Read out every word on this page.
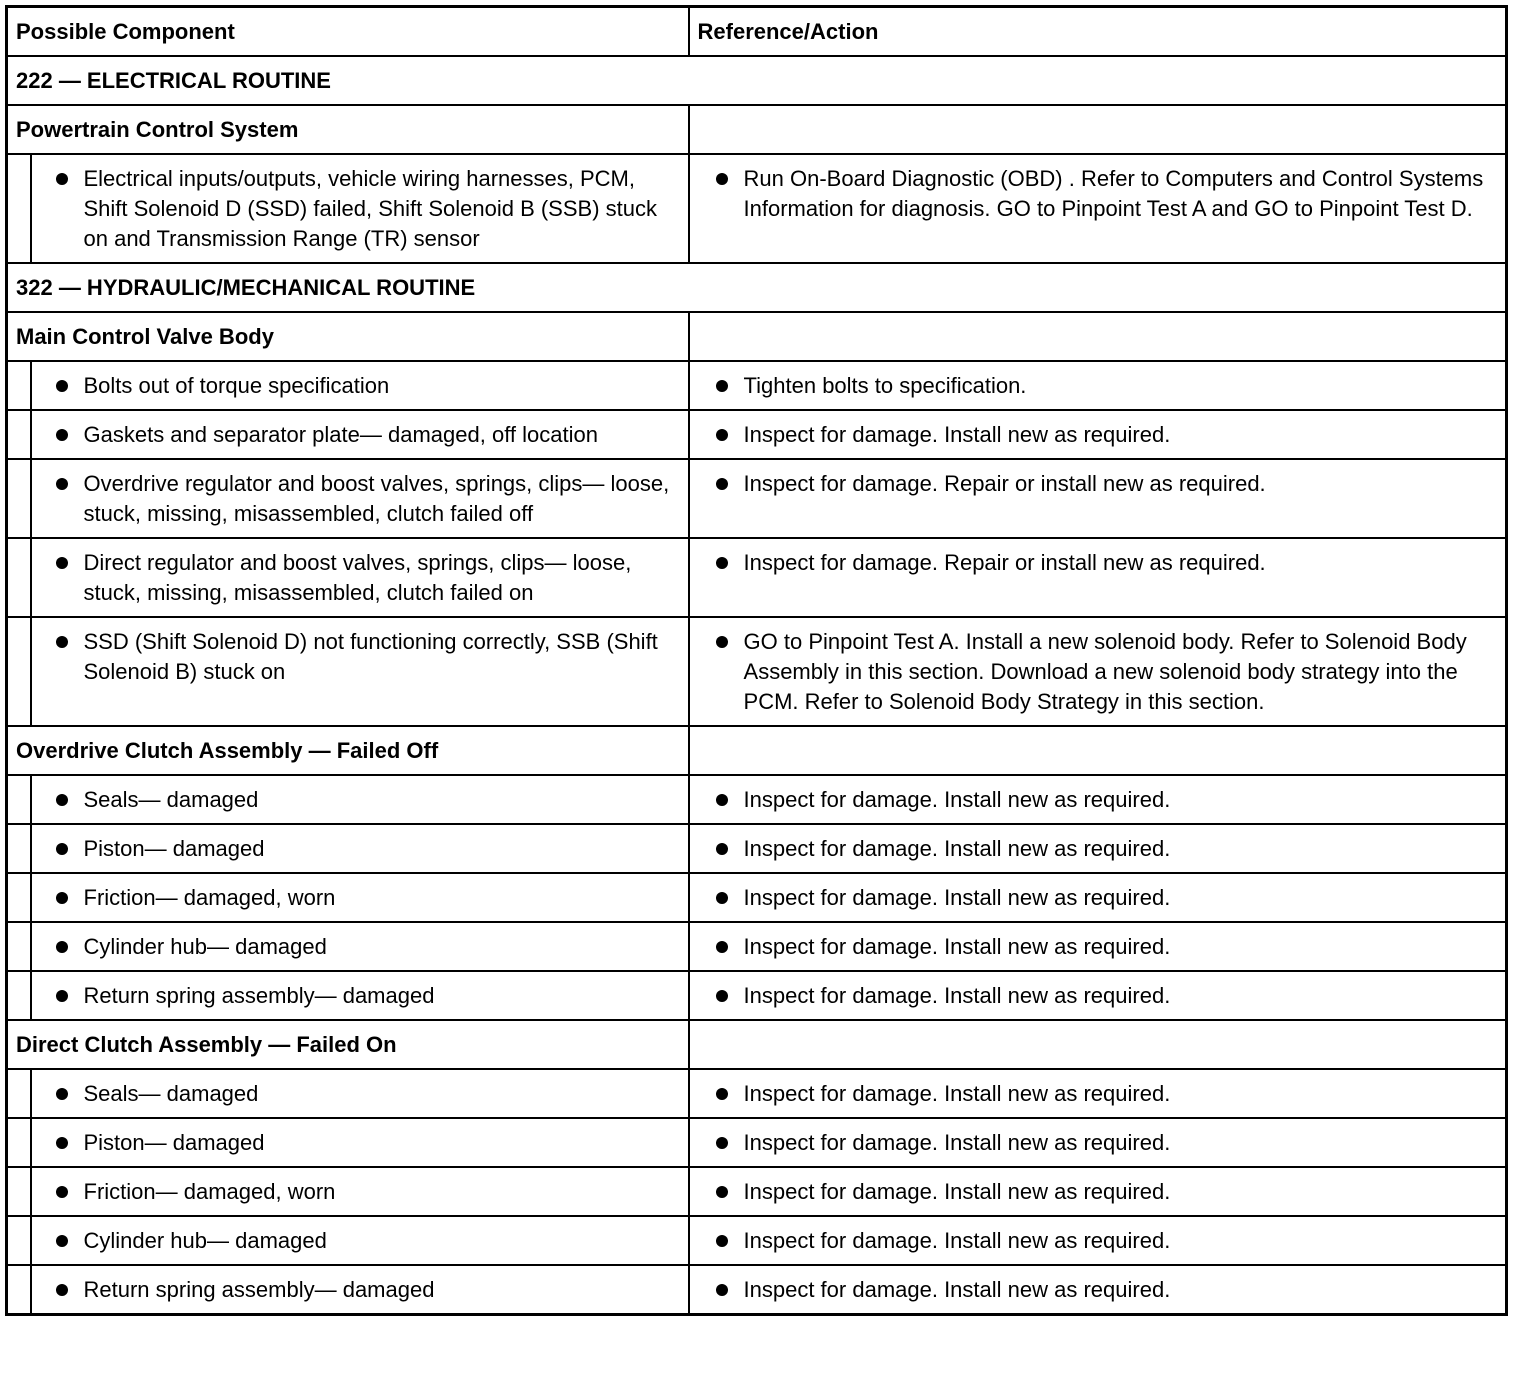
Possible Component		Reference/Action
222 — ELECTRICAL ROUTINE		
Powertrain Control System		

	Electrical inputs/outputs, vehicle wiring harnesses, PCM, Shift Solenoid D (SSD) failed, Shift Solenoid B (SSB) stuck on and Transmission Range (TR) sensor	Run On-Board Diagnostic (OBD) . Refer to Computers and Control Systems Information for diagnosis. GO to Pinpoint Test A and GO to Pinpoint Test D.

322 — HYDRAULIC/MECHANICAL ROUTINE		
Main Control Valve Body		

	Bolts out of torque specification	Tighten bolts to specification.

	Gaskets and separator plate— damaged, off location	Inspect for damage. Install new as required.

	Overdrive regulator and boost valves, springs, clips— loose, stuck, missing, misassembled, clutch failed off	Inspect for damage. Repair or install new as required.

	Direct regulator and boost valves, springs, clips— loose, stuck, missing, misassembled, clutch failed on	Inspect for damage. Repair or install new as required.

	SSD (Shift Solenoid D) not functioning correctly, SSB (Shift Solenoid B) stuck on	GO to Pinpoint Test A. Install a new solenoid body. Refer to Solenoid Body Assembly in this section. Download a new solenoid body strategy into the PCM. Refer to Solenoid Body Strategy in this section.

Overdrive Clutch Assembly — Failed Off		

	Seals— damaged	Inspect for damage. Install new as required.

	Piston— damaged	Inspect for damage. Install new as required.

	Friction— damaged, worn	Inspect for damage. Install new as required.

	Cylinder hub— damaged	Inspect for damage. Install new as required.

	Return spring assembly— damaged	Inspect for damage. Install new as required.

Direct Clutch Assembly — Failed On		

	Seals— damaged	Inspect for damage. Install new as required.

	Piston— damaged	Inspect for damage. Install new as required.

	Friction— damaged, worn	Inspect for damage. Install new as required.

	Cylinder hub— damaged	Inspect for damage. Install new as required.

	Return spring assembly— damaged	Inspect for damage. Install new as required.
